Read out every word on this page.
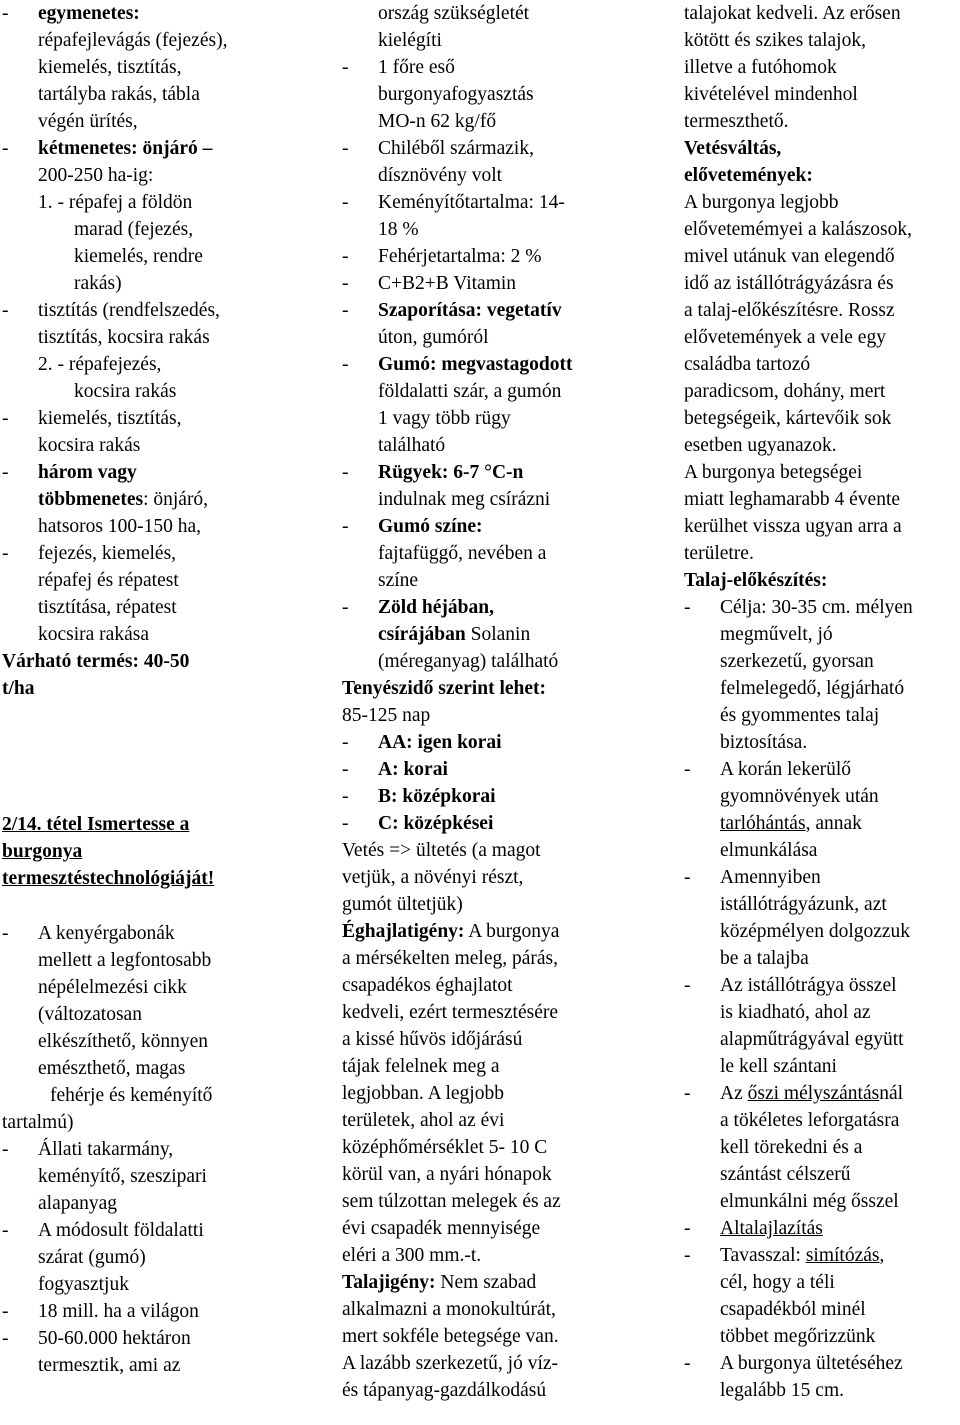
- egymenetes:
répafejlevágás (fejezés),
kiemelés, tisztítás,
tartályba rakás, tábla
végén ürítés,
- kétmenetes: önjáró –
200-250 ha-ig:
1. - répafej a földön
marad (fejezés,
kiemelés, rendre
rakás)
- tisztítás (rendfelszedés,
tisztítás, kocsira rakás
2. - répafejezés,
kocsira rakás
- kiemelés, tisztítás,
kocsira rakás
- három vagy
többmenetes: önjáró,
hatsoros 100-150 ha,
- fejezés, kiemelés,
répafej és répatest
tisztítása, répatest
kocsira rakása
Várható termés: 40-50
t/ha
2/14. tétel Ismertesse a
burgonya
termesztéstechnológiáját!
- A kenyérgabonák
mellett a legfontosabb
népélelmezési cikk
(változatosan
elkészíthető, könnyen
emészthető, magas
fehérje és keményítő
tartalmú)
- Állati takarmány,
keményítő, szeszipari
alapanyag
- A módosult földalatti
szárat (gumó)
fogyasztjuk
- 18 mill. ha a világon
- 50-60.000 hektáron
termesztik, ami az
ország szükségletét
kielégíti
- 1 főre eső
burgonyafogyasztás
MO-n 62 kg/fő
- Chiléből származik,
dísznövény volt
- Keményítőtartalma: 14-
18 %
- Fehérjetartalma: 2 %
- C+B2+B Vitamin
- Szaporítása: vegetatív
úton, gumóról
- Gumó: megvastagodott
földalatti szár, a gumón
1 vagy több rügy
található
- Rügyek: 6-7 °C-n
indulnak meg csírázni
- Gumó színe:
fajtafüggő, nevében a
színe
- Zöld héjában,
csírájában Solanin
(méreganyag) található
Tenyészidő szerint lehet:
85-125 nap
- AA: igen korai
- A: korai
- B: középkorai
- C: középkései
Vetés => ültetés (a magot
vetjük, a növényi részt,
gumót ültetjük)
Éghajlatigény: A burgonya
a mérsékelten meleg, párás,
csapadékos éghajlatot
kedveli, ezért termesztésére
a kissé hűvös időjárású
tájak felelnek meg a
legjobban. A legjobb
területek, ahol az évi
középhőmérséklet 5- 10 C
körül van, a nyári hónapok
sem túlzottan melegek és az
évi csapadék mennyisége
eléri a 300 mm.-t.
Talajigény: Nem szabad
alkalmazni a monokultúrát,
mert sokféle betegsége van.
A lazább szerkezetű, jó víz-
és tápanyag-gazdálkodású
talajokat kedveli. Az erősen
kötött és szikes talajok,
illetve a futóhomok
kivételével mindenhol
termeszthető.
Vetésváltás,
elővetemények:
A burgonya legjobb
elővetemémyei a kalászosok,
mivel utánuk van elegendő
idő az istállótrágyázásra és
a talaj-előkészítésre. Rossz
elővetemények a vele egy
családba tartozó
paradicsom, dohány, mert
betegségeik, kártevőik sok
esetben ugyanazok.
A burgonya betegségei
miatt leghamarabb 4 évente
kerülhet vissza ugyan arra a
területre.
Talaj-előkészítés:
- Célja: 30-35 cm. mélyen
megművelt, jó
szerkezetű, gyorsan
felmelegedő, légjárható
és gyommentes talaj
biztosítása.
- A korán lekerülő
gyomnövények után
tarlóhántás, annak
elmunkálása
- Amennyiben
istállótrágyázunk, azt
középmélyen dolgozzuk
be a talajba
- Az istállótrágya összel
is kiadható, ahol az
alapműtrágyával együtt
le kell szántani
- Az őszi mélyszántásnál
a tökéletes leforgatásra
kell törekedni és a
szántást célszerű
elmunkálni még ősszel
- Altalajlazítás
- Tavasszal: simítózás,
cél, hogy a téli
csapadékból minél
többet megőrizzünk
- A burgonya ültetéséhez
legalább 15 cm.
